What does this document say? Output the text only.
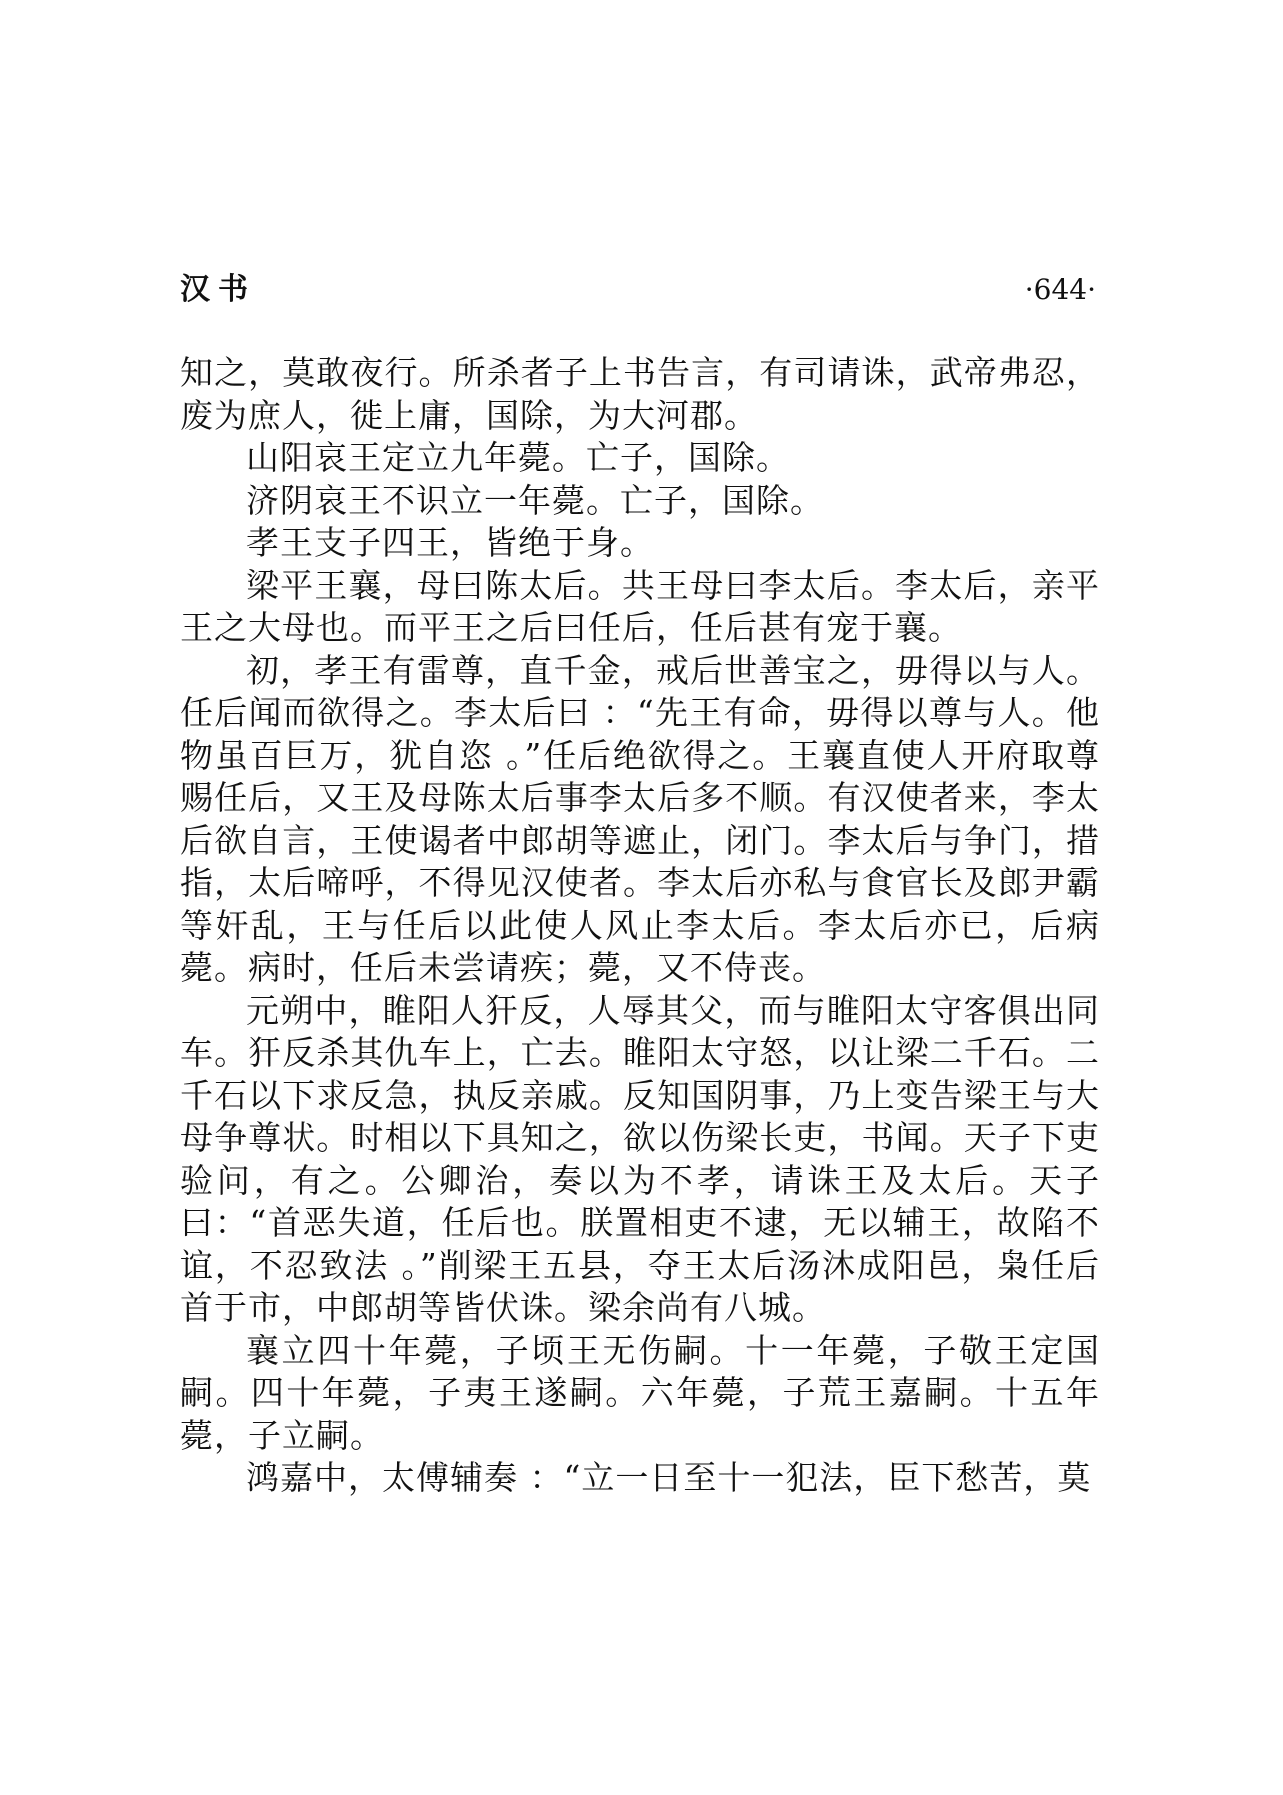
汉书	·644·

知之，莫敢夜行。所杀者子上书告言，有司请诛，武帝弗忍，废为庶人，徙上庸，国除，为大河郡。

山阳哀王定立九年薨。亡子，国除。

济阴哀王不识立一年薨。亡子，国除。

孝王支子四王，皆绝于身。

梁平王襄，母曰陈太后。共王母曰李太后。李太后，亲平王之大母也。而平王之后曰任后，任后甚有宠于襄。

初，孝王有雷尊，直千金，戒后世善宝之，毋得以与人。任后闻而欲得之。李太后曰 ：“先王有命，毋得以尊与人。他物虽百巨万，犹自恣 。”任后绝欲得之。王襄直使人开府取尊赐任后，又王及母陈太后事李太后多不顺。有汉使者来，李太后欲自言，王使谒者中郎胡等遮止，闭门。李太后与争门，措指，太后啼呼，不得见汉使者。李太后亦私与食官长及郎尹霸等奸乱，王与任后以此使人风止李太后。李太后亦已，后病薨。病时，任后未尝请疾；薨，又不侍丧。

元朔中，睢阳人犴反，人辱其父，而与睢阳太守客俱出同车。犴反杀其仇车上，亡去。睢阳太守怒，以让梁二千石。二千石以下求反急，执反亲戚。反知国阴事，乃上变告梁王与大母争尊状。时相以下具知之，欲以伤梁长吏，书闻。天子下吏验问，有之。公卿治，奏以为不孝，请诛王及太后。天子曰：“首恶失道，任后也。朕置相吏不逮，无以辅王，故陷不谊，不忍致法 。”削梁王五县，夺王太后汤沐成阳邑，枭任后首于市，中郎胡等皆伏诛。梁余尚有八城。

襄立四十年薨，子顷王无伤嗣。十一年薨，子敬王定国嗣。四十年薨，子夷王遂嗣。六年薨，子荒王嘉嗣。十五年薨，子立嗣。

鸿嘉中，太傅辅奏 ：“立一日至十一犯法，臣下愁苦，莫
